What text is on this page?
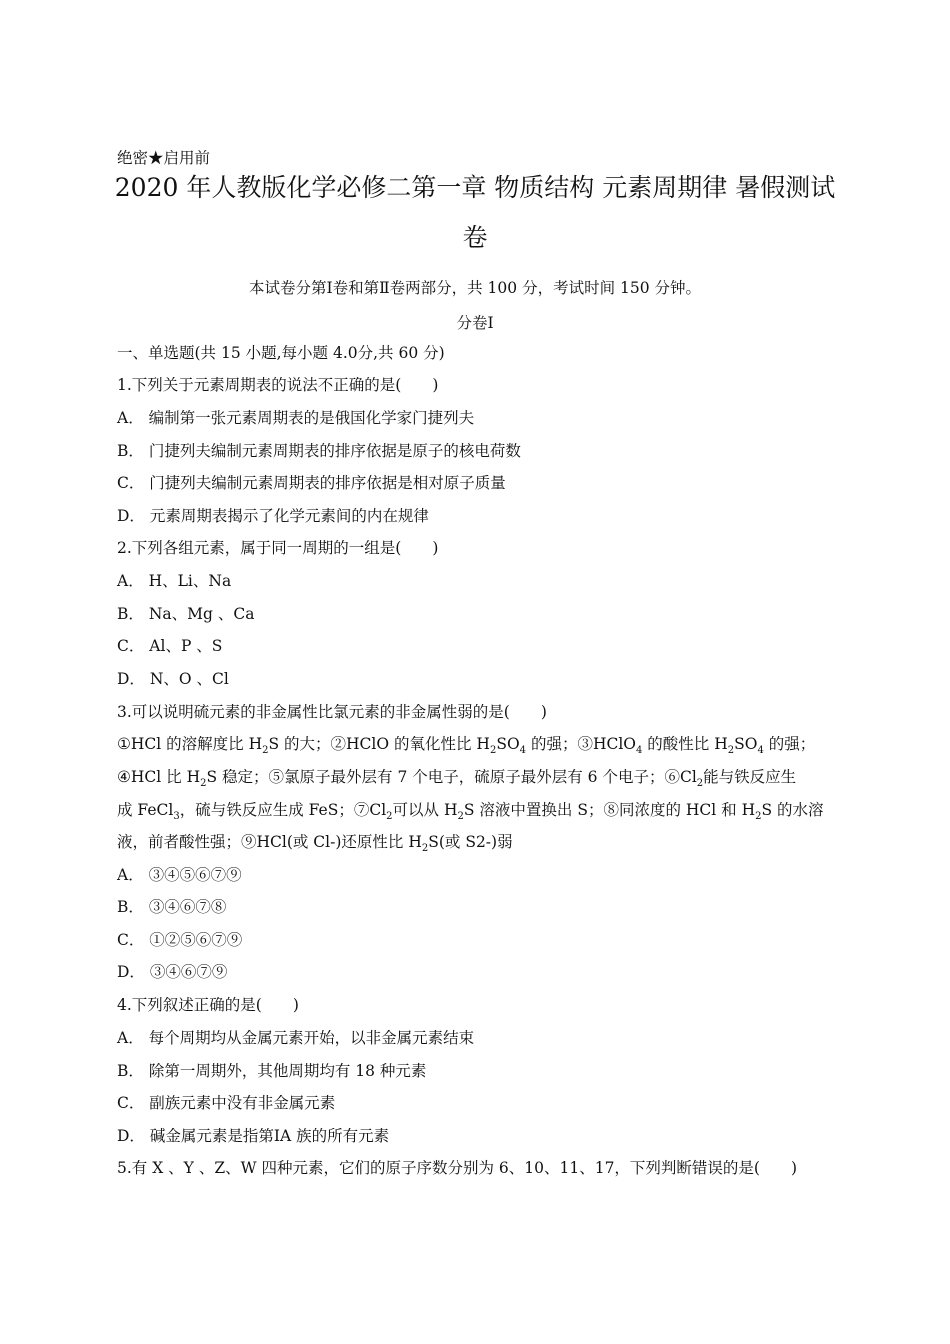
绝密★启用前
2020 年人教版化学必修二第一章 物质结构 元素周期律 暑假测试
卷
本试卷分第Ⅰ卷和第Ⅱ卷两部分，共 100 分，考试时间 150 分钟。
分卷Ⅰ
一、单选题(共 15 小题,每小题 4.0分,共 60 分)
1.下列关于元素周期表的说法不正确的是(　　)
A． 编制第一张元素周期表的是俄国化学家门捷列夫
B． 门捷列夫编制元素周期表的排序依据是原子的核电荷数
C． 门捷列夫编制元素周期表的排序依据是相对原子质量
D． 元素周期表揭示了化学元素间的内在规律
2.下列各组元素，属于同一周期的一组是(　　)
A． H、Li、Na
B． Na、Mg 、Ca
C． Al、P 、S
D． N、O 、Cl
3.可以说明硫元素的非金属性比氯元素的非金属性弱的是(　　)
①HCl 的溶解度比 $H_2S$ 的大；②HClO 的氧化性比 $H_2SO_4$ 的强；③HClO$_4$ 的酸性比 $H_2SO_4$ 的强；
④HCl 比 $H_2S$ 稳定；⑤氯原子最外层有 7 个电子，硫原子最外层有 6 个电子；$⑥Cl_2$能与铁反应生
成 FeCl$_3$，硫与铁反应生成 FeS；$⑦Cl_2$可以从 $H_2S$ 溶液中置换出 S；⑧同浓度的 HCl 和 $H_2S$ 的水溶
液，前者酸性强；⑨HCl(或 Cl-)还原性比 $H_2S$(或 S2-)弱
A． ③④⑤⑥⑦⑨
B． ③④⑥⑦⑧
C． ①②⑤⑥⑦⑨
D． ③④⑥⑦⑨
4.下列叙述正确的是(　　)
A． 每个周期均从金属元素开始，以非金属元素结束
B． 除第一周期外，其他周期均有 18 种元素
C． 副族元素中没有非金属元素
D． 碱金属元素是指第ⅠA 族的所有元素
5.有 X 、Y 、Z、W 四种元素，它们的原子序数分别为 6、10、11、17，下列判断错误的是(　　)
